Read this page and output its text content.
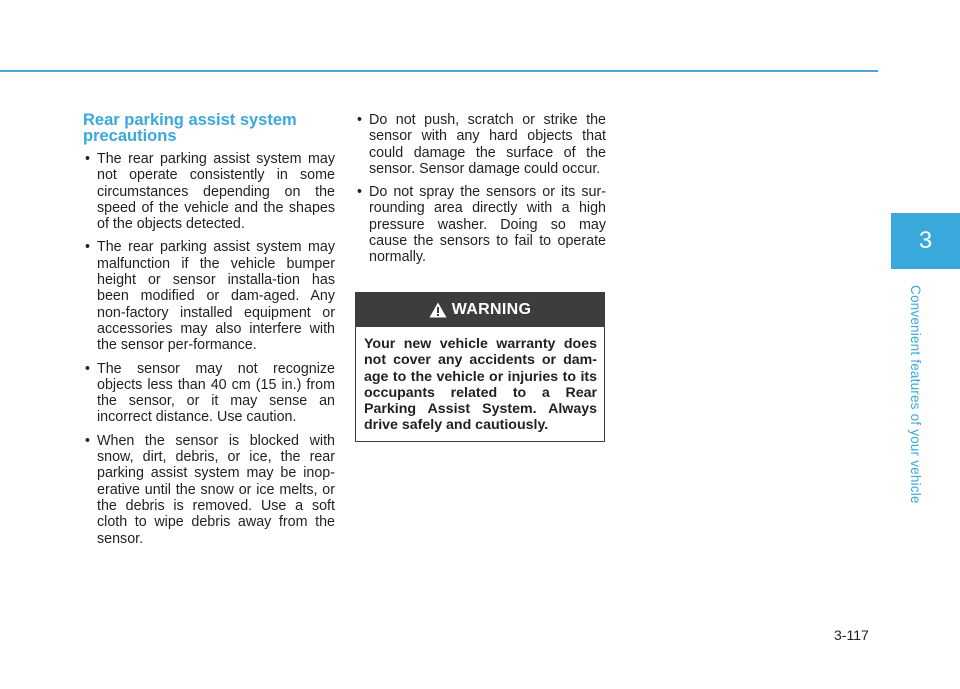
Rear parking assist system precautions
• The rear parking assist system may not operate consistently in some circumstances depending on the speed of the vehicle and the shapes of the objects detected.
• The rear parking assist system may malfunction if the vehicle bumper height or sensor installa-tion has been modified or dam-aged. Any non-factory installed equipment or accessories may also interfere with the sensor per-formance.
• The sensor may not recognize objects less than 40 cm (15 in.) from the sensor, or it may sense an incorrect distance. Use caution.
• When the sensor is blocked with snow, dirt, debris, or ice, the rear parking assist system may be inop-erative until the snow or ice melts, or the debris is removed. Use a soft cloth to wipe debris away from the sensor.
• Do not push, scratch or strike the sensor with any hard objects that could damage the surface of the sensor. Sensor damage could occur.
• Do not spray the sensors or its sur-rounding area directly with a high pressure washer. Doing so may cause the sensors to fail to operate normally.
WARNING
Your new vehicle warranty does not cover any accidents or dam-age to the vehicle or injuries to its occupants related to a Rear Parking Assist System. Always drive safely and cautiously.
3
Convenient features of your vehicle
3-117
